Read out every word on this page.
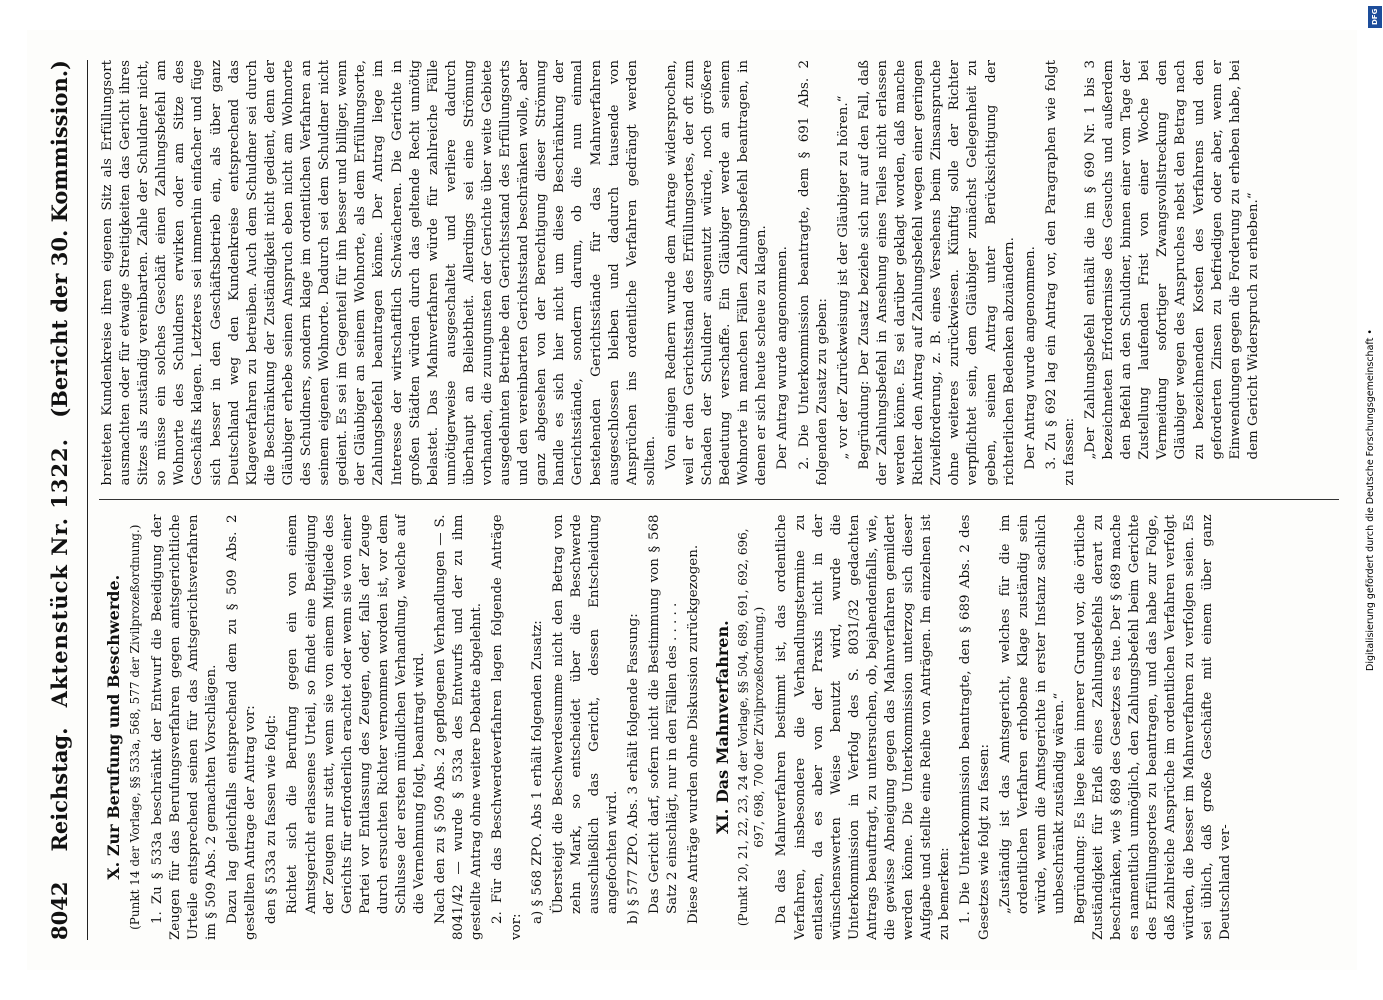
8042
Reichstag.
Aktenstück Nr. 1322.
(Bericht der 30. Kommission.)
X. Zur Berufung und Beschwerde. (Punkt 14 der Vorlage, §§ 533a, 568, 577 der Zivilprozeßordnung.) 1. Zu § 533a beschränkt der Entwurf die Beeidigung der Zeugen für das Berufungsverfahren gegen amtsgerichtliche Urteile entsprechend seinen für das Amtsgerichtsverfahren im § 509 Abs. 2 gemachten Vorschlägen. Dazu lag gleichfalls entsprechend dem zu § 509 Abs. 2 gestellten Antrage der Antrag vor: den § 533a zu fassen wie folgt: Richtet sich die Berufung gegen ein von einem Amtsgericht erlassenes Urteil, so findet eine Beeidigung der Zeugen nur statt, wenn sie von einem Mitgliede des Gerichts für erforderlich erachtet oder wenn sie von einer Partei vor Entlassung des Zeugen, oder, falls der Zeuge durch ersuchten Richter vernommen worden ist, vor dem Schlusse der ersten mündlichen Verhandlung, welche auf die Vernehmung folgt, beantragt wird. Nach den zu § 509 Abs. 2 gepflogenen Verhandlungen — S. 8041/42 — wurde § 533a des Entwurfs und der zu ihm gestellte Antrag ohne weitere Debatte abgelehnt. 2. Für das Beschwerdeverfahren lagen folgende Anträge vor:

a) § 568 ZPO. Abs 1 erhält folgenden Zusatz: Übersteigt die Beschwerdesumme nicht den Betrag von zehn Mark, so entscheidet über die Beschwerde ausschließlich das Gericht, dessen Entscheidung angefochten wird. b) § 577 ZPO. Abs. 3 erhält folgende Fassung: Das Gericht darf, sofern nicht die Bestimmung von § 568 Satz 2 einschlägt, nur in den Fällen des . . . . . Diese Anträge wurden ohne Diskussion zurückgezogen. XI. Das Mahnverfahren. (Punkt 20, 21, 22, 23, 24 der Vorlage, §§ 504, 689, 691, 692, 696, 697, 698, 700 der Zivilprozeßordnung.) Da das Mahnverfahren bestimmt ist, das ordentliche Verfahren, insbesondere die Verhandlungstermine zu entlasten, da es aber von der Praxis nicht in der wünschenswerten Weise benutzt wird, wurde die Unterkommission in Verfolg des S. 8031/32 gedachten Antrags beauftragt, zu untersuchen, ob, bejahendenfalls, wie, die gewisse Abneigung gegen das Mahnverfahren gemildert werden könne. Die Unterkommission unterzog sich dieser Aufgabe und stellte eine Reihe von Anträgen. Im einzelnen ist zu bemerken: 1. Die Unterkommission beantragte, den § 689 Abs. 2 des Gesetzes wie folgt zu fassen: „Zuständig ist das Amtsgericht, welches für die im ordentlichen Verfahren erhobene Klage zuständig sein würde, wenn die Amtsgerichte in erster Instanz sachlich unbeschränkt zuständig wären.“ Begründung: Es liege kein innerer Grund vor, die örtliche Zuständigkeit für Erlaß eines Zahlungsbefehls derart zu beschränken, wie § 689 des Gesetzes es tue. Der § 689 mache es namentlich unmöglich, den Zahlungsbefehl beim Gerichte des Erfüllungsortes zu beantragen, und das habe zur Folge, daß zahlreiche Ansprüche im ordentlichen Verfahren verfolgt würden, die besser im Mahnverfahren zu verfolgen seien. Es sei üblich, daß große Geschäfte mit einem über ganz Deutschland ver-

breiteten Kundenkreise ihren eigenen Sitz als Erfüllungsort ausmachten oder für etwaige Streitigkeiten das Gericht ihres Sitzes als zuständig vereinbarten. Zahle der Schuldner nicht, so müsse ein solches Geschäft einen Zahlungsbefehl am Wohnorte des Schuldners erwirken oder am Sitze des Geschäfts klagen. Letzteres sei immerhin einfacher und füge sich besser in den Geschäftsbetrieb ein, als über ganz Deutschland weg den Kundenkreise entsprechend das Klageverfahren zu betreiben. Auch dem Schuldner sei durch die Beschränkung der Zuständigkeit nicht gedient, denn der Gläubiger erhebe seinen Anspruch eben nicht am Wohnorte des Schuldners, sondern klage im ordentlichen Verfahren an seinem eigenen Wohnorte. Dadurch sei dem Schuldner nicht gedient. Es sei im Gegenteil für ihn besser und billiger, wenn der Gläubiger an seinem Wohnorte, als dem Erfüllungsorte, Zahlungsbefehl beantragen könne. Der Antrag liege im Interesse der wirtschaftlich Schwächeren. Die Gerichte in großen Städten würden durch das geltende Recht unnötig belastet. Das Mahnverfahren würde für zahlreiche Fälle unnötigerweise ausgeschaltet und verliere dadurch überhaupt an Beliebtheit. Allerdings sei eine Strömung vorhanden, die zuungunsten der Gerichte über weite Gebiete ausgedehnten Betriebe den Gerichtsstand des Erfüllungsorts und den vereinbarten Gerichtsstand beschränken wolle, aber ganz abgesehen von der Berechtigung dieser Strömung handle es sich hier nicht um diese Beschränkung der Gerichtsstände, sondern darum, ob die nun einmal bestehenden Gerichtsstände für das Mahnverfahren ausgeschlossen bleiben und dadurch tausende von Ansprüchen ins ordentliche Verfahren gedrängt werden sollten. Von einigen Rednern wurde dem Antrage widersprochen, weil er den Gerichtsstand des Erfüllungsortes, der oft zum Schaden der Schuldner ausgenutzt würde, noch größere Bedeutung verschaffe. Ein Gläubiger werde an seinem Wohnorte in manchen Fällen Zahlungsbefehl beantragen, in denen er sich heute scheue zu klagen. Der Antrag wurde angenommen. 2. Die Unterkommission beantragte, dem § 691 Abs. 2 folgenden Zusatz zu geben: „ vor der Zurückweisung ist der Gläubiger zu hören.“ Begründung: Der Zusatz beziehe sich nur auf den Fall, daß der Zahlungsbefehl in Ansehung eines Teiles nicht erlassen werden könne. Es sei darüber geklagt worden, daß manche Richter den Antrag auf Zahlungsbefehl wegen einer geringen Zuvielforderung, z. B. eines Versehens beim Zinsanspruche ohne weiteres zurückwiesen. Künftig solle der Richter verpflichtet sein, dem Gläubiger zunächst Gelegenheit zu geben, seinen Antrag unter Berücksichtigung der richterlichen Bedenken abzuändern. Der Antrag wurde angenommen. 3. Zu § 692 lag ein Antrag vor, den Paragraphen wie folgt zu fassen: „Der Zahlungsbefehl enthält die im § 690 Nr. 1 bis 3 bezeichneten Erfordernisse des Gesuchs und außerdem den Befehl an den Schuldner, binnen einer vom Tage der Zustellung laufenden Frist von einer Woche bei Vermeidung sofortiger Zwangsvollstreckung den Gläubiger wegen des Anspruches nebst den Betrag nach zu bezeichnenden Kosten des Verfahrens und den geforderten Zinsen zu befriedigen oder aber, wenn er Einwendungen gegen die Forderung zu erheben habe, bei dem Gericht Widerspruch zu erheben.“

DFG
Digitalisierung gefördert durch die Deutsche Forschungsgemeinschaft •
